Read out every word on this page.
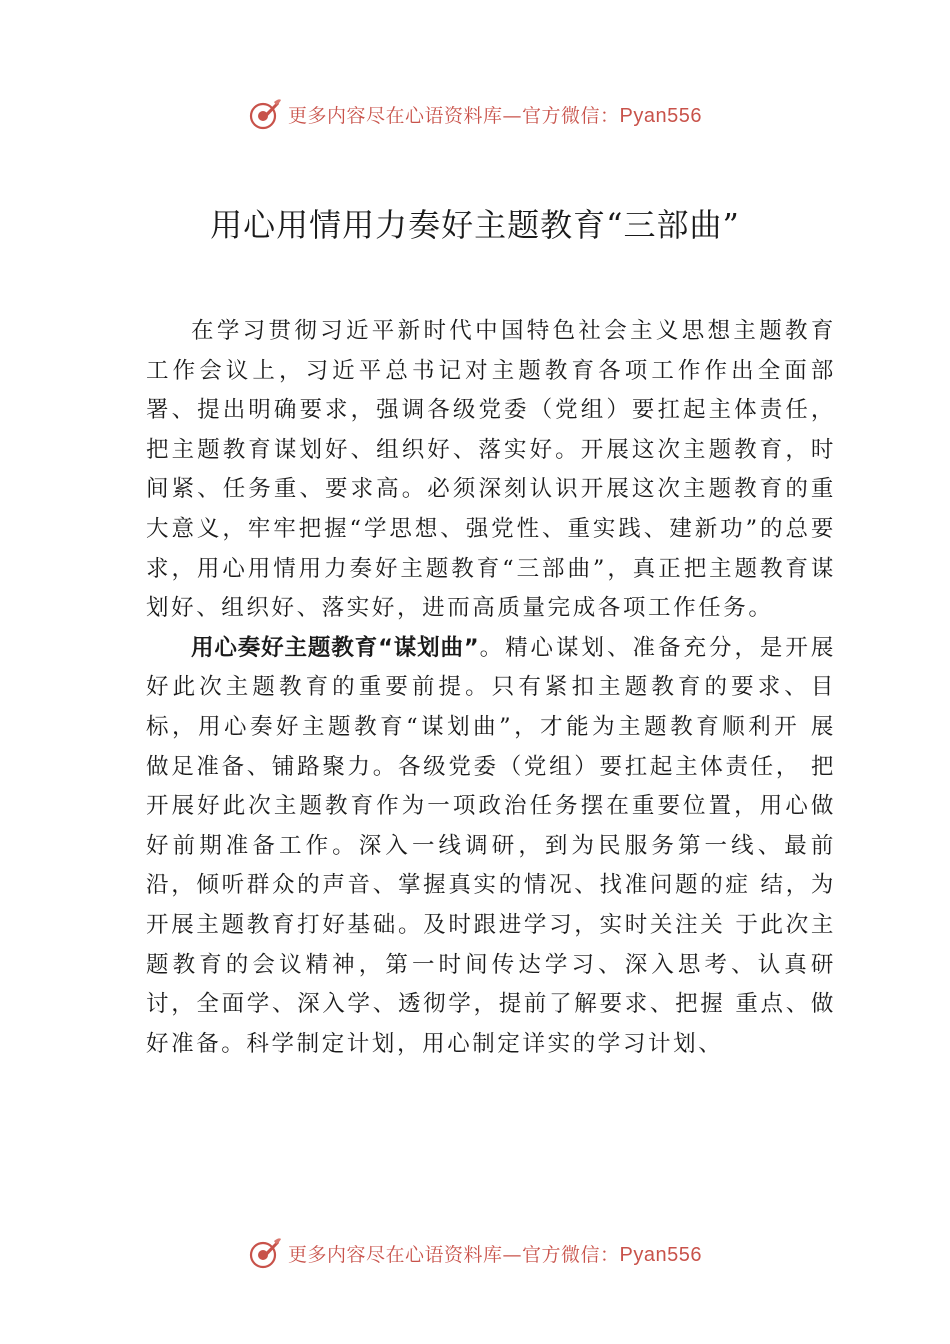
更多内容尽在心语资料库—官方微信：Pyan556
用心用情用力奏好主题教育“三部曲”

在学习贯彻习近平新时代中国特色社会主义思想主题教育工作会议上，习近平总书记对主题教育各项工作作出全面部署、提出明确要求，强调各级党委（党组）要扛起主体责任，把主题教育谋划好、组织好、落实好。开展这次主题教育，时间紧、任务重、要求高。必须深刻认识开展这次主题教育的重大意义，牢牢把握“学思想、强党性、重实践、建新功”的总要求，用心用情用力奏好主题教育“三部曲”，真正把主题教育谋划好、组织好、落实好，进而高质量完成各项工作任务。

用心奏好主题教育“谋划曲”。精心谋划、准备充分，是开展好此次主题教育的重要前提。只有紧扣主题教育的要求、目标，用心奏好主题教育“谋划曲”，才能为主题教育顺利开 展做足准备、铺路聚力。各级党委（党组）要扛起主体责任， 把开展好此次主题教育作为一项政治任务摆在重要位置，用心做好前期准备工作。深入一线调研，到为民服务第一线、最前沿，倾听群众的声音、掌握真实的情况、找准问题的症 结，为开展主题教育打好基础。及时跟进学习，实时关注关 于此次主题教育的会议精神，第一时间传达学习、深入思考、认真研讨，全面学、深入学、透彻学，提前了解要求、把握 重点、做好准备。科学制定计划，用心制定详实的学习计划、

更多内容尽在心语资料库—官方微信：Pyan556
